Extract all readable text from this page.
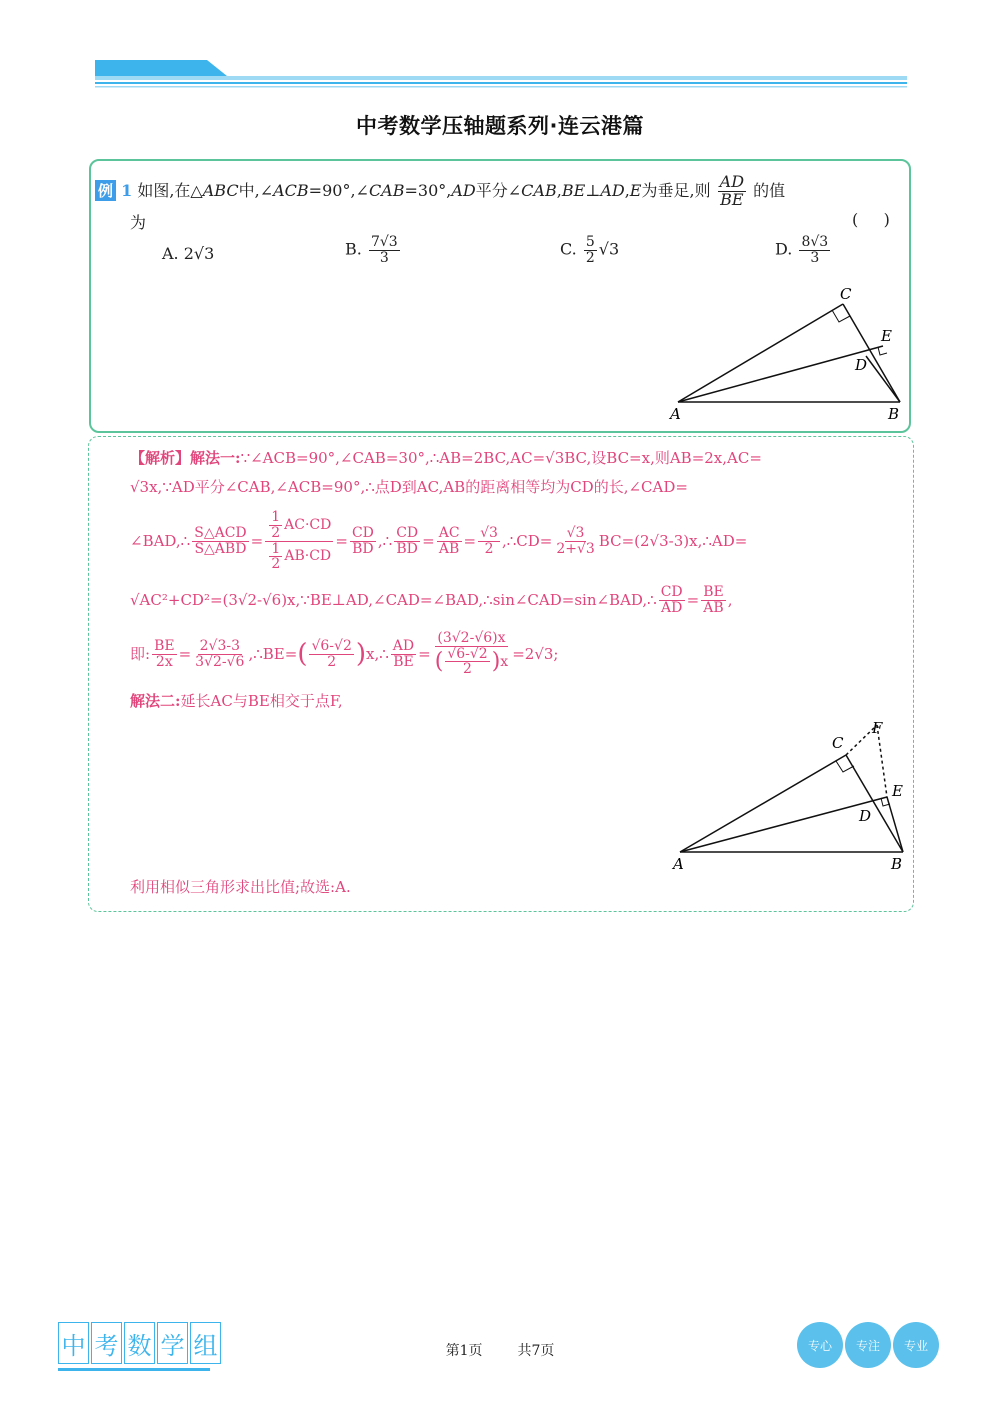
中考数学压轴题系列·连云港篇
例 1 如图,在△ABC中,∠ACB=90°,∠CAB=30°,AD平分∠CAB,BE⊥AD,E为垂足,则 $\frac{AD}{BE}$ 的值
为	(     )
A. 2√3	B. $\frac{7√3}{3}$	C. $\frac{5}{2} √3$	D. $\frac{8√3}{3}$
C
E
D
A	B
【解析】解法一:∵∠ACB=90°,∠CAB=30°,∴AB=2BC,AC=√3BC,设BC=x,则AB=2x,AC=
√3x,∵AD平分∠CAB,∠ACB=90°,∴点D到AC,AB的距离相等均为CD的长,∠CAD=
∠BAD,∴ $\frac{\text{S△ACD}}{\text{S△ABD}} = \frac{\frac{1}{2} AC\cdot CD}{\frac{1}{2} AB\cdot CD} = \frac{CD}{BD}$ ,∴ $\frac{CD}{BD} = \frac{AC}{AB} = \frac{√3}{2}$ ,∴CD= $\frac{√3}{2+√3}$ BC=(2√3-3)x,∴AD=
√AC²+CD²=(3√2-√6)x,∵BE⊥AD,∠CAD=∠BAD,∴sin∠CAD=sin∠BAD,∴ $\frac{CD}{AD} = \frac{BE}{AB}$ ,
即: $\frac{BE}{2x} = \frac{2√3-3}{3√2-√6}$ ,∴BE= ( $\frac{√6-√2}{2}$ ) x,∴ $\frac{AD}{BE} = \frac{(3√2-√6)x}{( \frac{√6-√2}{2} ) x} =2√3$;
解法二:延长AC与BE相交于点F,
C
F
E
D
A	B
利用相似三角形求出比值;故选:A.
中 考 数 学 组	第1页 共7页	专心	专注	专业
